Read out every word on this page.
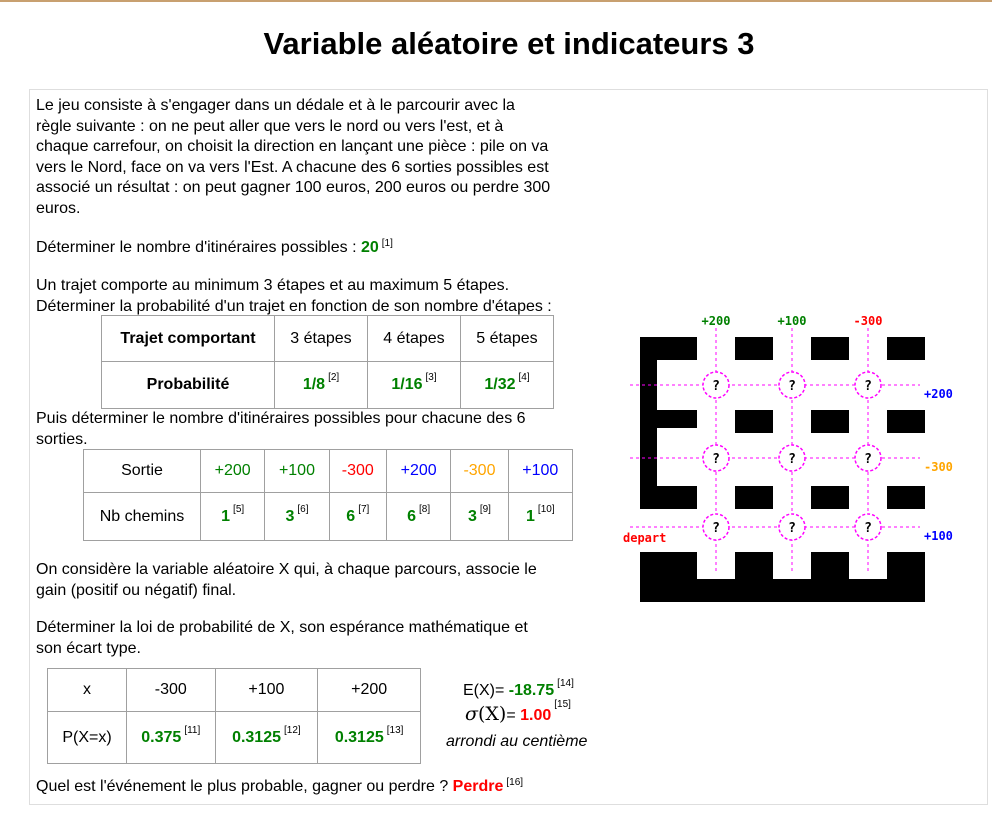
Variable aléatoire et indicateurs 3
Le jeu consiste à s'engager dans un dédale et à le parcourir avec la
règle suivante : on ne peut aller que vers le nord ou vers l'est, et à
chaque carrefour, on choisit la direction en lançant une pièce : pile on va
vers le Nord, face on va vers l'Est. A chacune des 6 sorties possibles est
associé un résultat : on peut gagner 100 euros, 200 euros ou perdre 300
euros.
Déterminer le nombre d'itinéraires possibles : 20 [1]
Un trajet comporte au minimum 3 étapes et au maximum 5 étapes.
Déterminer la probabilité d'un trajet en fonction de son nombre d'étapes :
Trajet comportant	3 étapes	4 étapes	5 étapes
Probabilité	1/8 [2]	1/16 [3]	1/32 [4]
Puis déterminer le nombre d'itinéraires possibles pour chacune des 6
sorties.
Sortie	+200	+100	-300	+200	-300	+100
Nb chemins	1 [5]	3 [6]	6 [7]	6 [8]	3 [9]	1 [10]
On considère la variable aléatoire X qui, à chaque parcours, associe le
gain (positif ou négatif) final.
Déterminer la loi de probabilité de X, son espérance mathématique et
son écart type.
x	-300	+100	+200
P(X=x)	0.375 [11]	0.3125 [12]	0.3125 [13]
E(X)= -18.75 [14]
σ(X)= 1.00[15]
arrondi au centième
Quel est l'événement le plus probable, gagner ou perdre ? Perdre [16]
?	?	?
?	?	?
?	?	?
+200	+100	-300
+200
-300
+100
depart
